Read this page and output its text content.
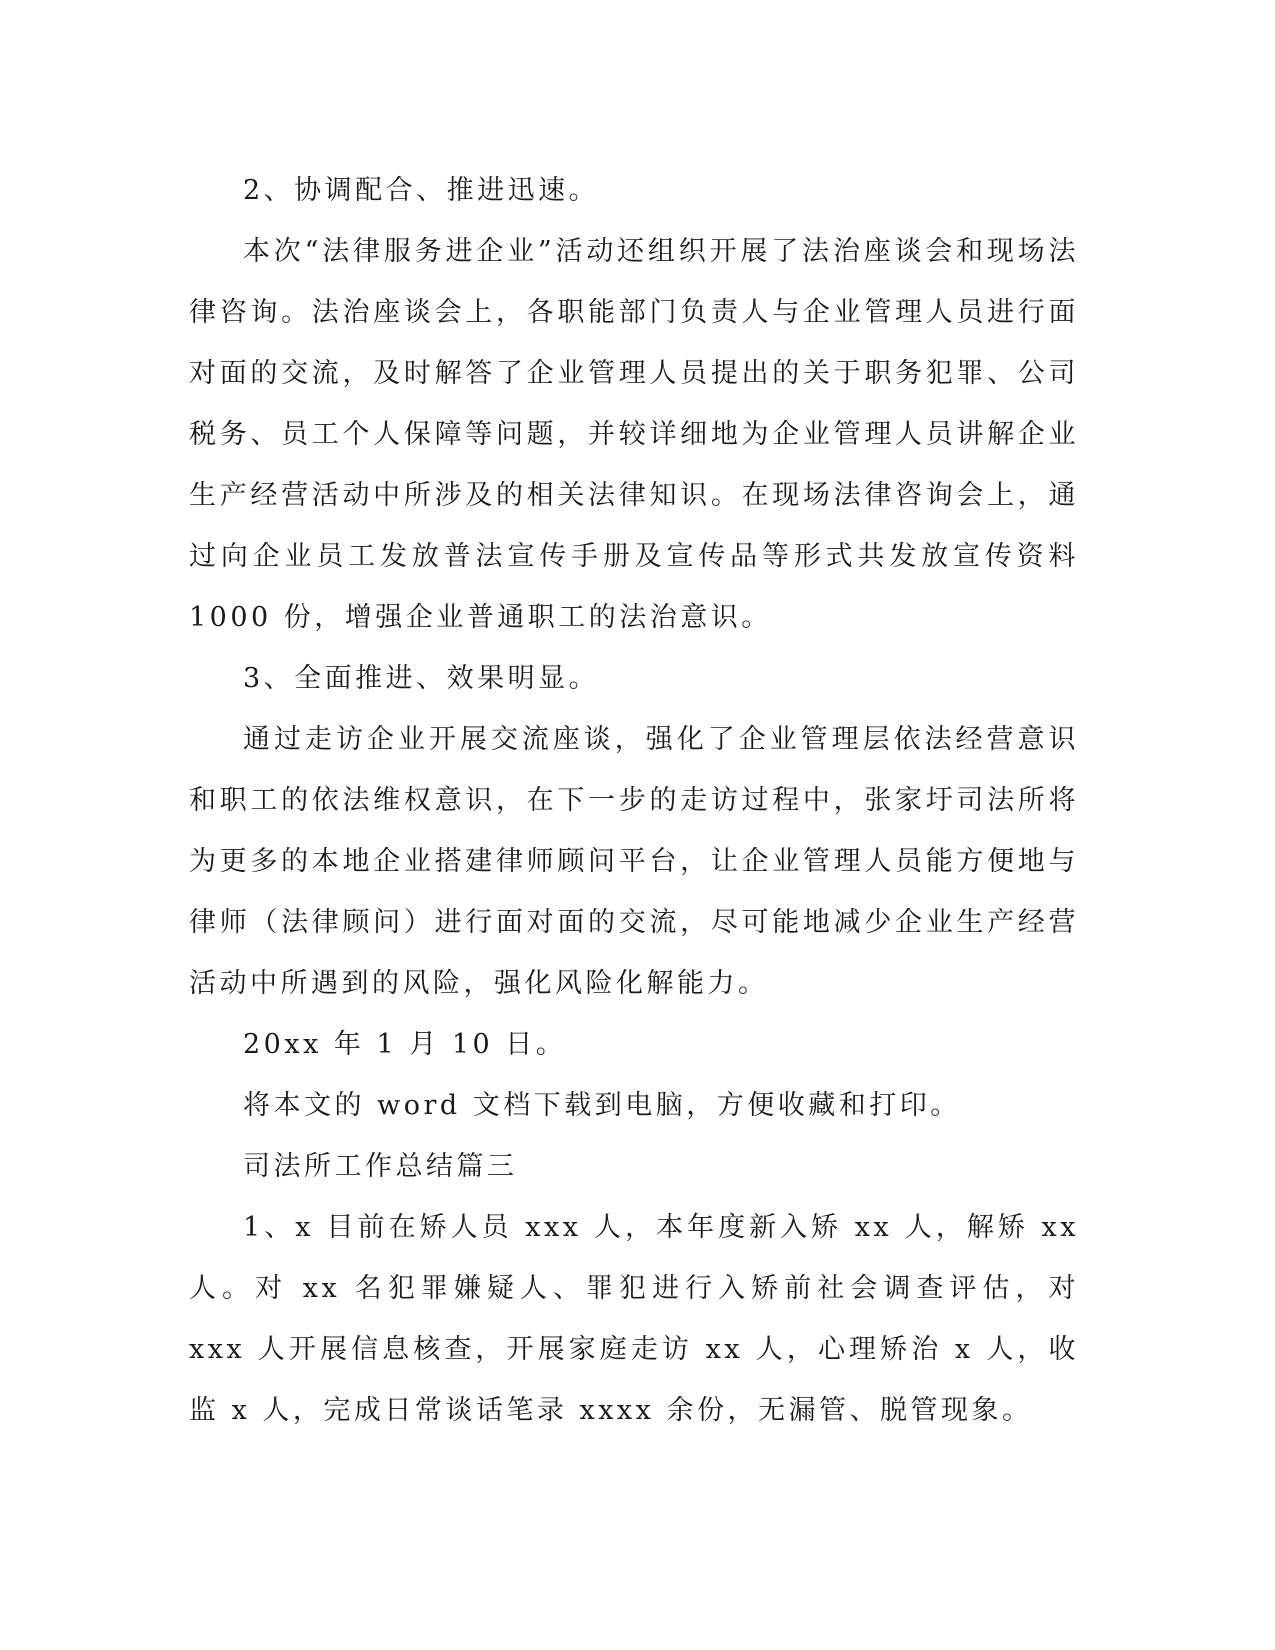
2、协调配合、推进迅速。

本次“法律服务进企业”活动还组织开展了法治座谈会和现场法律咨询。法治座谈会上，各职能部门负责人与企业管理人员进行面对面的交流，及时解答了企业管理人员提出的关于职务犯罪、公司税务、员工个人保障等问题，并较详细地为企业管理人员讲解企业生产经营活动中所涉及的相关法律知识。在现场法律咨询会上，通过向企业员工发放普法宣传手册及宣传品等形式共发放宣传资料 1000 份，增强企业普通职工的法治意识。

3、全面推进、效果明显。

通过走访企业开展交流座谈，强化了企业管理层依法经营意识和职工的依法维权意识，在下一步的走访过程中，张家圩司法所将为更多的本地企业搭建律师顾问平台，让企业管理人员能方便地与律师（法律顾问）进行面对面的交流，尽可能地减少企业生产经营活动中所遇到的风险，强化风险化解能力。

20xx 年 1 月 10 日。

将本文的 word 文档下载到电脑，方便收藏和打印。

司法所工作总结篇三

1、x 目前在矫人员 xxx 人，本年度新入矫 xx 人，解矫 xx 人。对 xx 名犯罪嫌疑人、罪犯进行入矫前社会调查评估，对 xxx 人开展信息核查，开展家庭走访 xx 人，心理矫治 x 人，收监 x 人，完成日常谈话笔录 xxxx 余份，无漏管、脱管现象。
